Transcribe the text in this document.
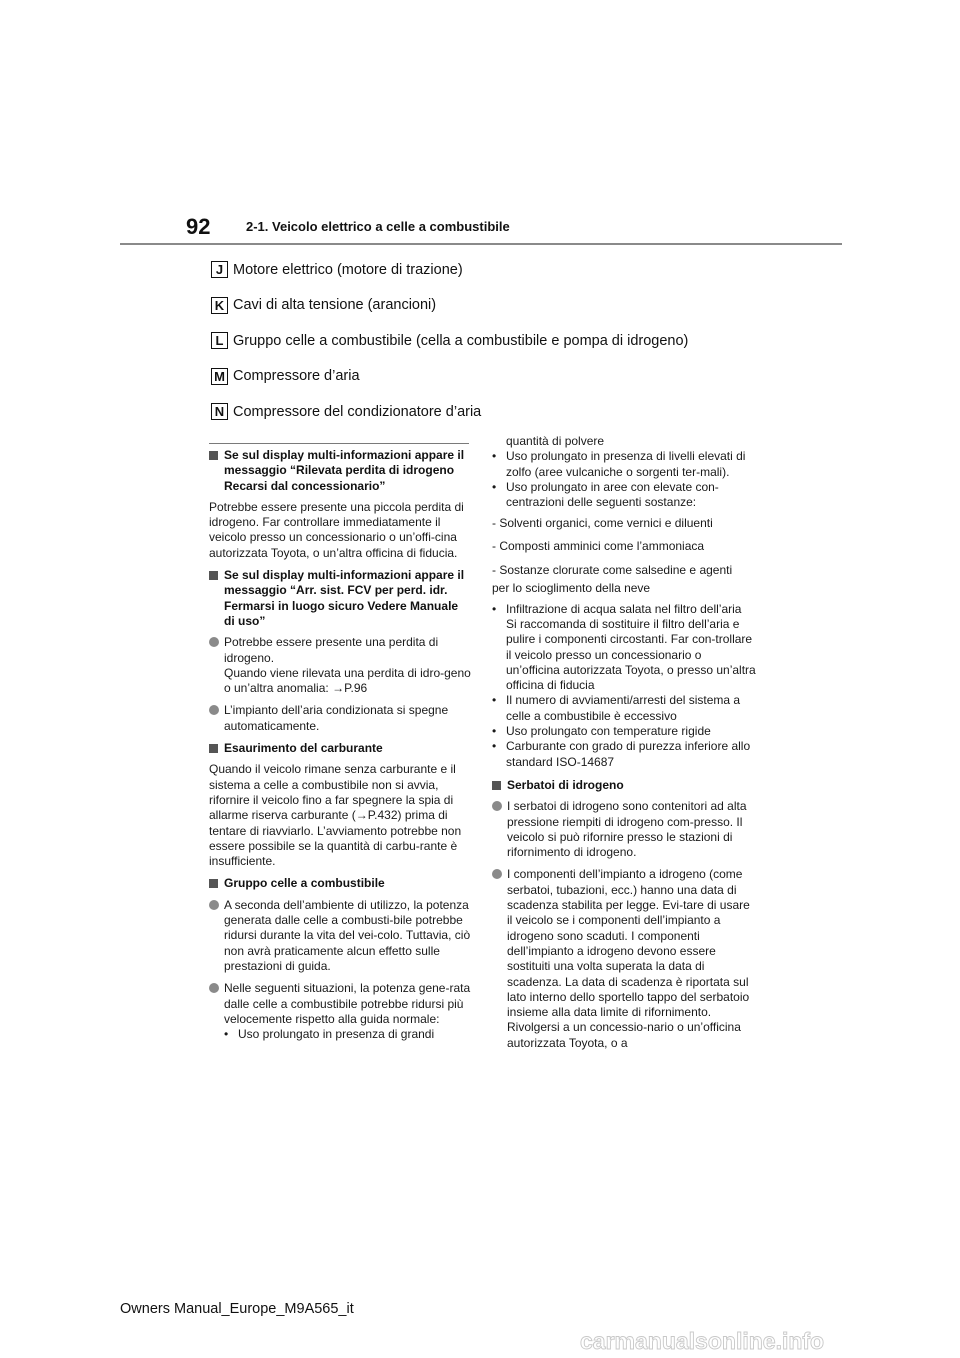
92	2-1. Veicolo elettrico a celle a combustibile
J Motore elettrico (motore di trazione)
K Cavi di alta tensione (arancioni)
L Gruppo celle a combustibile (cella a combustibile e pompa di idrogeno)
M Compressore d’aria
N Compressore del condizionatore d’aria
Se sul display multi-informazioni appare il messaggio “Rilevata perdita di idrogeno Recarsi dal concessionario”
Potrebbe essere presente una piccola perdita di idrogeno. Far controllare immediatamente il veicolo presso un concessionario o un’offi-cina autorizzata Toyota, o un’altra officina di fiducia.
Se sul display multi-informazioni appare il messaggio “Arr. sist. FCV per perd. idr. Fermarsi in luogo sicuro Vedere Manuale di uso”
Potrebbe essere presente una perdita di idrogeno.
Quando viene rilevata una perdita di idro-geno o un’altra anomalia: →P.96
L’impianto dell’aria condizionata si spegne automaticamente.
Esaurimento del carburante
Quando il veicolo rimane senza carburante e il sistema a celle a combustibile non si avvia, rifornire il veicolo fino a far spegnere la spia di allarme riserva carburante (→P.432) prima di tentare di riavviarlo. L’avviamento potrebbe non essere possibile se la quantità di carbu-rante è insufficiente.
Gruppo celle a combustibile
A seconda dell’ambiente di utilizzo, la potenza generata dalle celle a combusti-bile potrebbe ridursi durante la vita del vei-colo. Tuttavia, ciò non avrà praticamente alcun effetto sulle prestazioni di guida.
Nelle seguenti situazioni, la potenza gene-rata dalle celle a combustibile potrebbe ridursi più velocemente rispetto alla guida normale:
• Uso prolungato in presenza di grandi
quantità di polvere
• Uso prolungato in presenza di livelli elevati di zolfo (aree vulcaniche o sorgenti ter-mali).
• Uso prolungato in aree con elevate con-centrazioni delle seguenti sostanze:
- Solventi organici, come vernici e diluenti
- Composti amminici come l’ammoniaca
- Sostanze clorurate come salsedine e agenti
per lo scioglimento della neve
• Infiltrazione di acqua salata nel filtro dell’aria
Si raccomanda di sostituire il filtro dell’aria e pulire i componenti circostanti. Far con-trollare il veicolo presso un concessionario o un’officina autorizzata Toyota, o presso un’altra officina di fiducia
• Il numero di avviamenti/arresti del sistema a celle a combustibile è eccessivo
• Uso prolungato con temperature rigide
• Carburante con grado di purezza inferiore allo standard ISO-14687
Serbatoi di idrogeno
I serbatoi di idrogeno sono contenitori ad alta pressione riempiti di idrogeno com-presso. Il veicolo si può rifornire presso le stazioni di rifornimento di idrogeno.
I componenti dell’impianto a idrogeno (come serbatoi, tubazioni, ecc.) hanno una data di scadenza stabilita per legge. Evi-tare di usare il veicolo se i componenti dell’impianto a idrogeno sono scaduti. I componenti dell’impianto a idrogeno devono essere sostituiti una volta superata la data di scadenza. La data di scadenza è riportata sul lato interno dello sportello tappo del serbatoio insieme alla data limite di rifornimento. Rivolgersi a un concessio-nario o un’officina autorizzata Toyota, o a
Owners Manual_Europe_M9A565_it
carmanualsonline.info
